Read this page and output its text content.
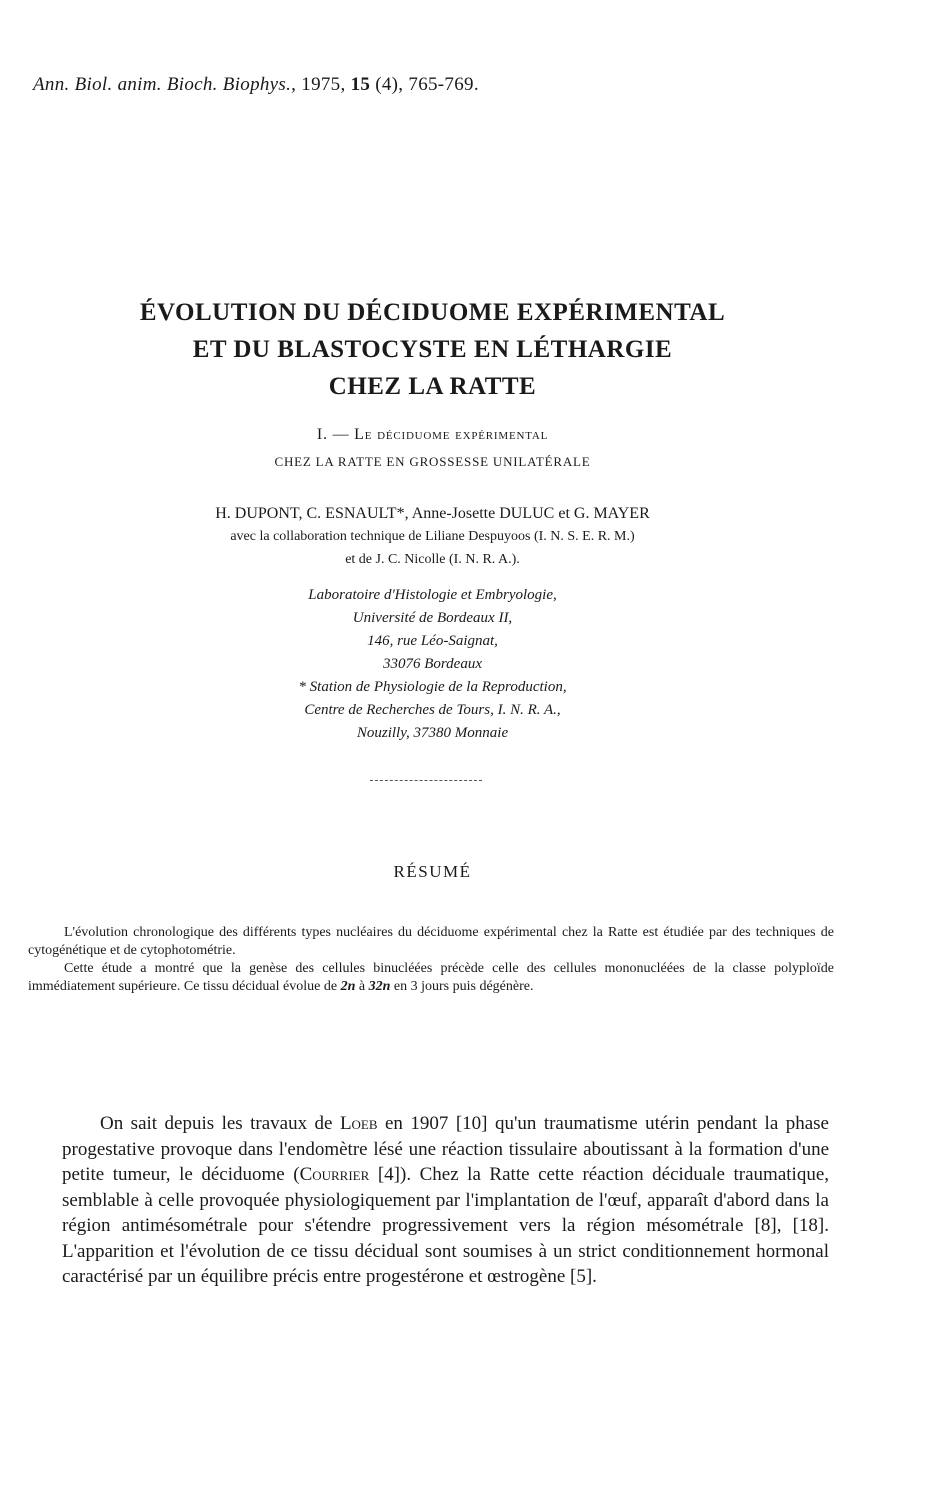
Ann. Biol. anim. Bioch. Biophys., 1975, 15 (4), 765-769.
ÉVOLUTION DU DÉCIDUOME EXPÉRIMENTAL
ET DU BLASTOCYSTE EN LÉTHARGIE
CHEZ LA RATTE
I. — Le déciduome expérimental
CHEZ LA RATTE EN GROSSESSE UNILATÉRALE
H. DUPONT, C. ESNAULT*, Anne-Josette DULUC et G. MAYER
avec la collaboration technique de Liliane Despuyoos (I. N. S. E. R. M.)
et de J. C. Nicolle (I. N. R. A.).
Laboratoire d'Histologie et Embryologie,
Université de Bordeaux II,
146, rue Léo-Saignat,
33076 Bordeaux
* Station de Physiologie de la Reproduction,
Centre de Recherches de Tours, I. N. R. A.,
Nouzilly, 37380 Monnaie
RÉSUMÉ

L'évolution chronologique des différents types nucléaires du déciduome expérimental chez la Ratte est étudiée par des techniques de cytogénétique et de cytophotométrie.

Cette étude a montré que la genèse des cellules binucléées précède celle des cellules mononucléées de la classe polyploïde immédiatement supérieure. Ce tissu décidual évolue de 2n à 32n en 3 jours puis dégénère.

On sait depuis les travaux de Loeb en 1907 [10] qu'un traumatisme utérin pendant la phase progestative provoque dans l'endomètre lésé une réaction tissulaire aboutissant à la formation d'une petite tumeur, le déciduome (Courrier [4]). Chez la Ratte cette réaction déciduale traumatique, semblable à celle provoquée physiologiquement par l'implantation de l'œuf, apparaît d'abord dans la région antimésométrale pour s'étendre progressivement vers la région mésométrale [8], [18]. L'apparition et l'évolution de ce tissu décidual sont soumises à un strict conditionnement hormonal caractérisé par un équilibre précis entre progestérone et œstrogène [5].
